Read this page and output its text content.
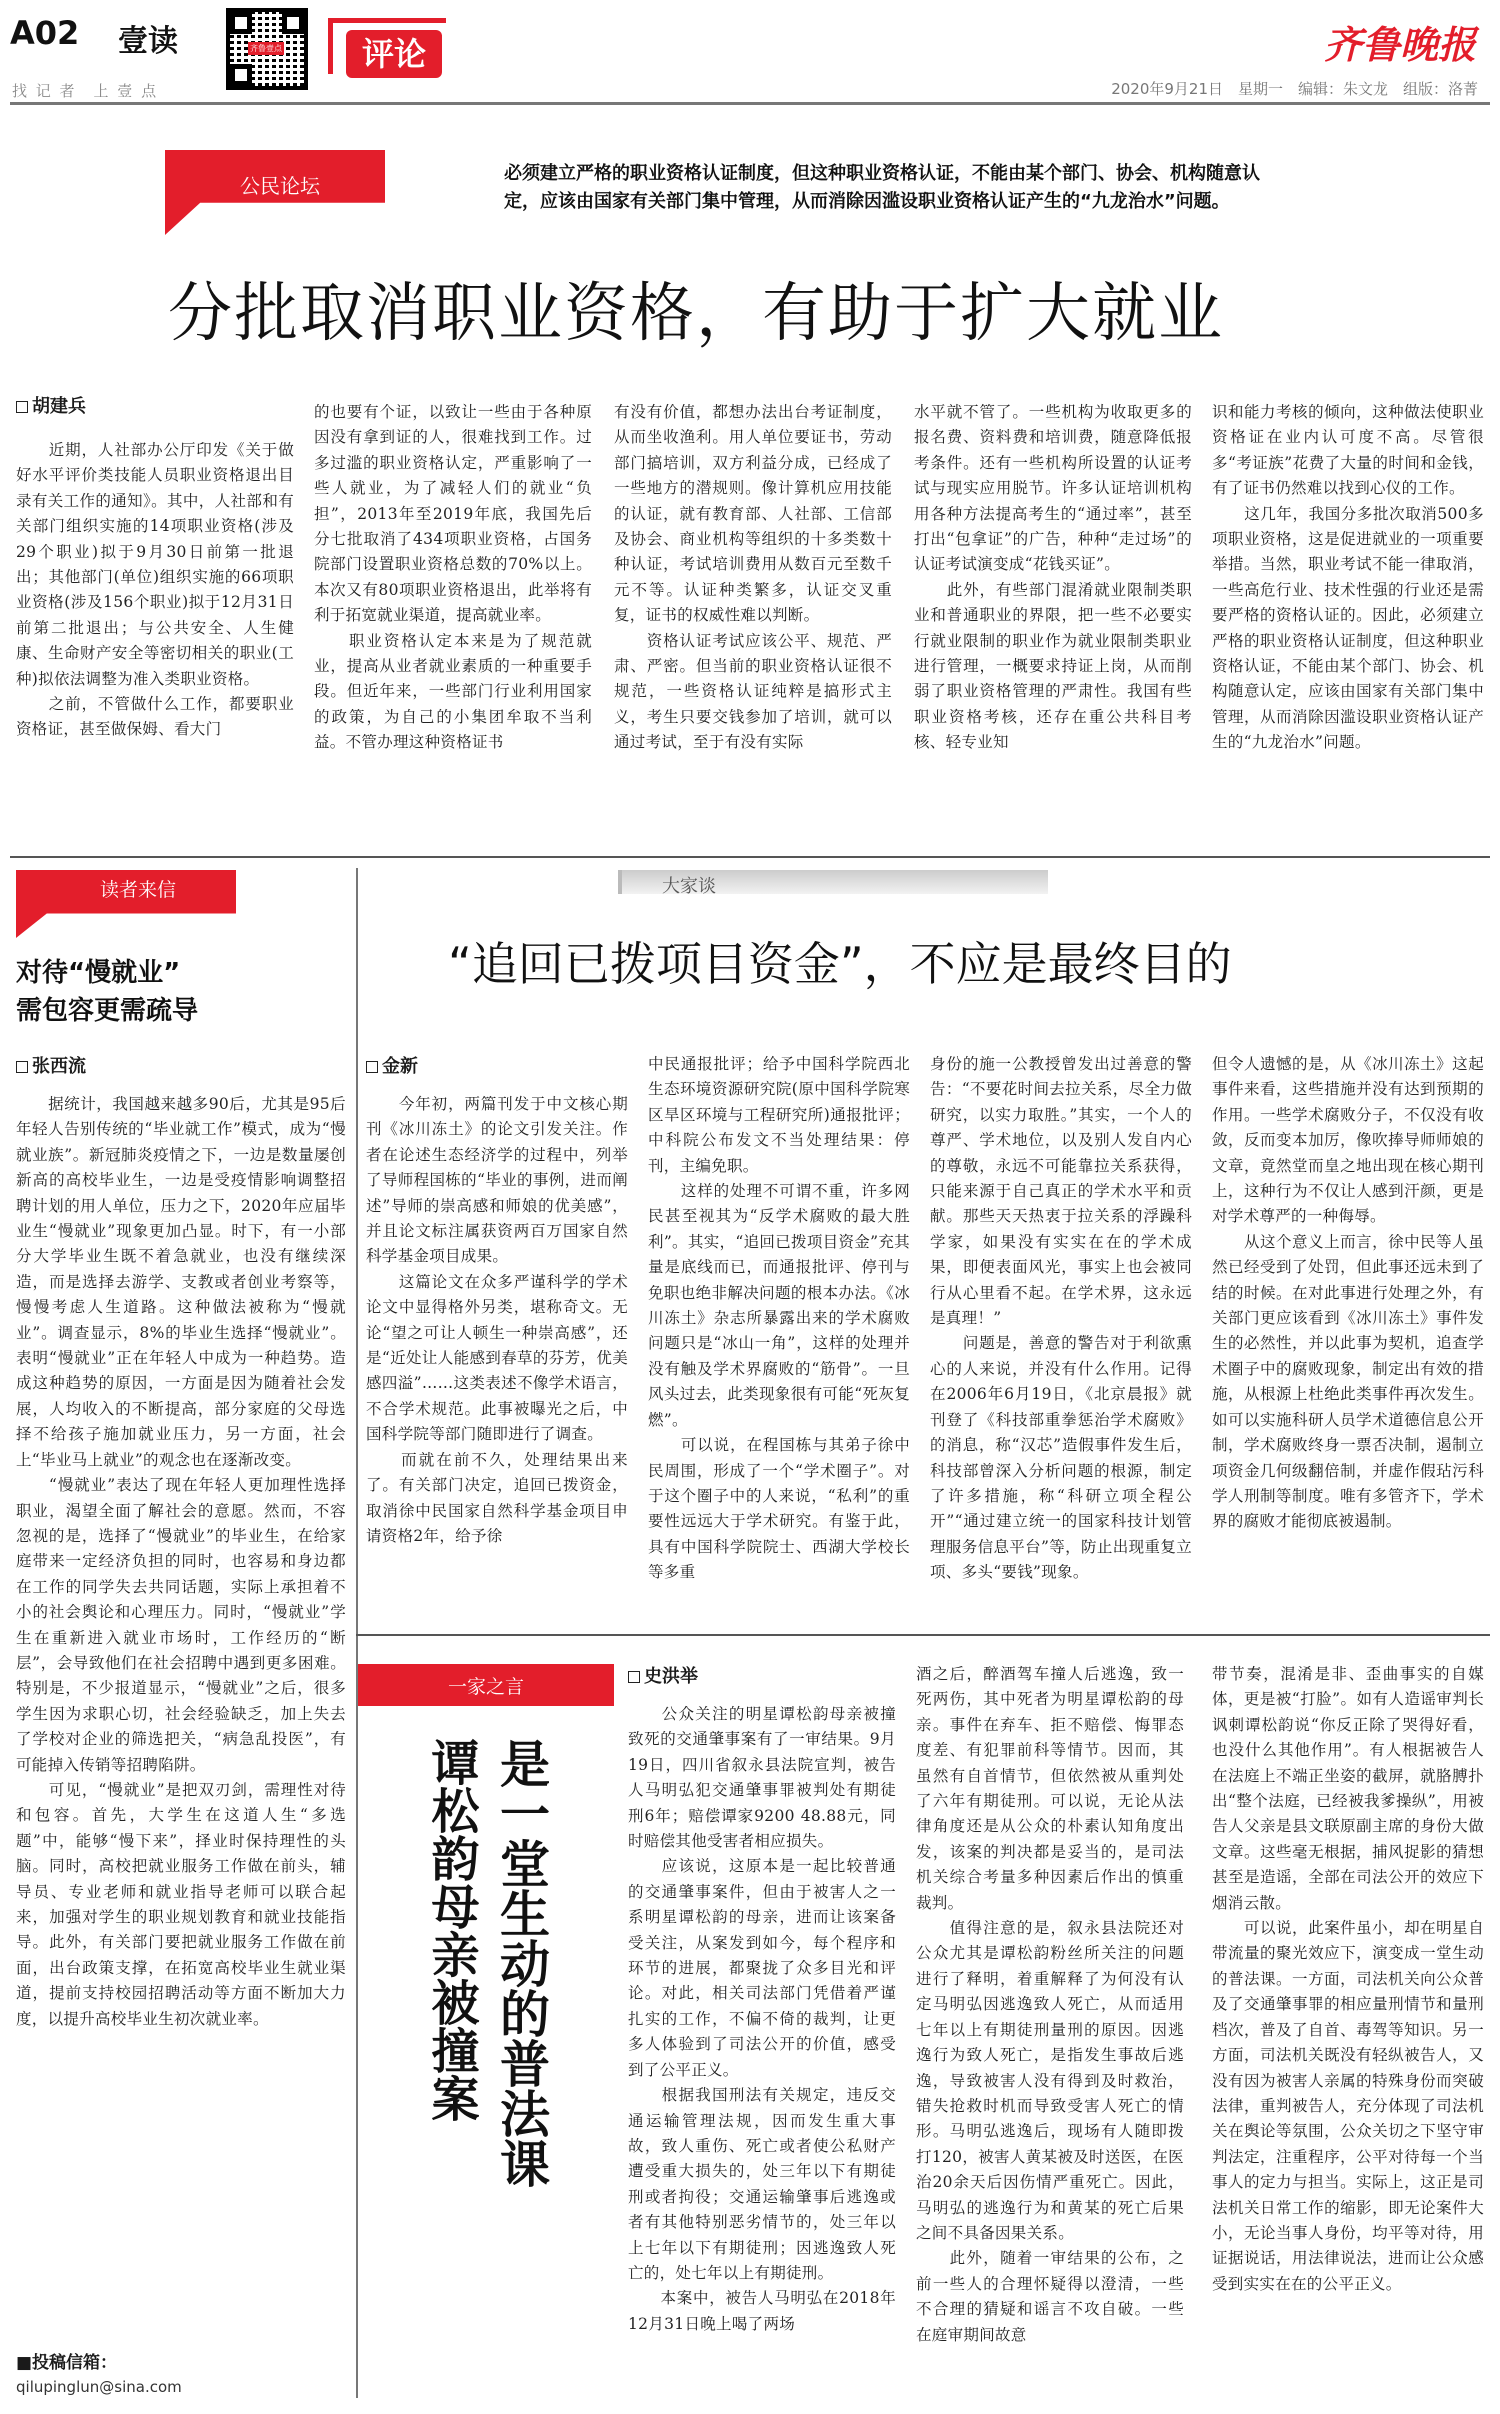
A02 壹读
找 记 者　上 壹 点
齐鲁壹点	评论	齐鲁晚报
2020年9月21日　星期一　编辑：朱文龙　组版：洛菁
公民论坛
必须建立严格的职业资格认证制度，但这种职业资格认证，不能由某个部门、协会、机构随意认定，应该由国家有关部门集中管理，从而消除因滥设职业资格认证产生的“九龙治水”问题。
分批取消职业资格，有助于扩大就业
胡建兵
　　近期，人社部办公厅印发《关于做好水平评价类技能人员职业资格退出目录有关工作的通知》。其中，人社部和有关部门组织实施的14项职业资格(涉及29个职业)拟于9月30日前第一批退出；其他部门(单位)组织实施的66项职业资格(涉及156个职业)拟于12月31日前第二批退出；与公共安全、人生健康、生命财产安全等密切相关的职业(工种)拟依法调整为准入类职业资格。
　　之前，不管做什么工作，都要职业资格证，甚至做保姆、看大门
的也要有个证，以致让一些由于各种原因没有拿到证的人，很难找到工作。过多过滥的职业资格认定，严重影响了一些人就业，为了减轻人们的就业“负担”，2013年至2019年底，我国先后分七批取消了434项职业资格，占国务院部门设置职业资格总数的70%以上。本次又有80项职业资格退出，此举将有利于拓宽就业渠道，提高就业率。
　　职业资格认定本来是为了规范就业，提高从业者就业素质的一种重要手段。但近年来，一些部门行业利用国家的政策，为自己的小集团牟取不当利益。不管办理这种资格证书
有没有价值，都想办法出台考证制度，从而坐收渔利。用人单位要证书，劳动部门搞培训，双方利益分成，已经成了一些地方的潜规则。像计算机应用技能的认证，就有教育部、人社部、工信部及协会、商业机构等组织的十多类数十种认证，考试培训费用从数百元至数千元不等。认证种类繁多，认证交叉重复，证书的权威性难以判断。
　　资格认证考试应该公平、规范、严肃、严密。但当前的职业资格认证很不规范，一些资格认证纯粹是搞形式主义，考生只要交钱参加了培训，就可以通过考试，至于有没有实际
水平就不管了。一些机构为收取更多的报名费、资料费和培训费，随意降低报考条件。还有一些机构所设置的认证考试与现实应用脱节。许多认证培训机构用各种方法提高考生的“通过率”，甚至打出“包拿证”的广告，种种“走过场”的认证考试演变成“花钱买证”。
　　此外，有些部门混淆就业限制类职业和普通职业的界限，把一些不必要实行就业限制的职业作为就业限制类职业进行管理，一概要求持证上岗，从而削弱了职业资格管理的严肃性。我国有些职业资格考核，还存在重公共科目考核、轻专业知
识和能力考核的倾向，这种做法使职业资格证在业内认可度不高。尽管很多“考证族”花费了大量的时间和金钱，有了证书仍然难以找到心仪的工作。
　　这几年，我国分多批次取消500多项职业资格，这是促进就业的一项重要举措。当然，职业考试不能一律取消，一些高危行业、技术性强的行业还是需要严格的资格认证的。因此，必须建立严格的职业资格认证制度，但这种职业资格认证，不能由某个部门、协会、机构随意认定，应该由国家有关部门集中管理，从而消除因滥设职业资格认证产生的“九龙治水”问题。
读者来信
对待“慢就业”
需包容更需疏导
张西流
　　据统计，我国越来越多90后，尤其是95后年轻人告别传统的“毕业就工作”模式，成为“慢就业族”。新冠肺炎疫情之下，一边是数量屡创新高的高校毕业生，一边是受疫情影响调整招聘计划的用人单位，压力之下，2020年应届毕业生“慢就业”现象更加凸显。时下，有一小部分大学毕业生既不着急就业，也没有继续深造，而是选择去游学、支教或者创业考察等，慢慢考虑人生道路。这种做法被称为“慢就业”。调查显示，8%的毕业生选择“慢就业”。表明“慢就业”正在年轻人中成为一种趋势。造成这种趋势的原因，一方面是因为随着社会发展，人均收入的不断提高，部分家庭的父母选择不给孩子施加就业压力，另一方面，社会上“毕业马上就业”的观念也在逐渐改变。
　　“慢就业”表达了现在年轻人更加理性选择职业，渴望全面了解社会的意愿。然而，不容忽视的是，选择了“慢就业”的毕业生，在给家庭带来一定经济负担的同时，也容易和身边都在工作的同学失去共同话题，实际上承担着不小的社会舆论和心理压力。同时，“慢就业”学生在重新进入就业市场时，工作经历的“断层”，会导致他们在社会招聘中遇到更多困难。特别是，不少报道显示，“慢就业”之后，很多学生因为求职心切，社会经验缺乏，加上失去了学校对企业的筛选把关，“病急乱投医”，有可能掉入传销等招聘陷阱。
　　可见，“慢就业”是把双刃剑，需理性对待和包容。首先，大学生在这道人生“多选题”中，能够“慢下来”，择业时保持理性的头脑。同时，高校把就业服务工作做在前头，辅导员、专业老师和就业指导老师可以联合起来，加强对学生的职业规划教育和就业技能指导。此外，有关部门要把就业服务工作做在前面，出台政策支撑，在拓宽高校毕业生就业渠道，提前支持校园招聘活动等方面不断加大力度，以提升高校毕业生初次就业率。
■投稿信箱：
qilupinglun@sina.com
大家谈
“追回已拨项目资金”，不应是最终目的
金新
　　今年初，两篇刊发于中文核心期刊《冰川冻土》的论文引发关注。作者在论述生态经济学的过程中，列举了导师程国栋的“毕业的事例，进而阐述”导师的崇高感和师娘的优美感”，并且论文标注属获资两百万国家自然科学基金项目成果。
　　这篇论文在众多严谨科学的学术论文中显得格外另类，堪称奇文。无论“望之可让人顿生一种崇高感”，还是“近处让人能感到春草的芬芳，优美感四溢”……这类表述不像学术语言，不合学术规范。此事被曝光之后，中国科学院等部门随即进行了调查。
　　而就在前不久，处理结果出来了。有关部门决定，追回已拨资金，取消徐中民国家自然科学基金项目申请资格2年，给予徐
中民通报批评；给予中国科学院西北生态环境资源研究院(原中国科学院寒区旱区环境与工程研究所)通报批评；中科院公布发文不当处理结果：停刊，主编免职。
　　这样的处理不可谓不重，许多网民甚至视其为“反学术腐败的最大胜利”。其实，“追回已拨项目资金”充其量是底线而已，而通报批评、停刊与免职也绝非解决问题的根本办法。《冰川冻土》杂志所暴露出来的学术腐败问题只是“冰山一角”，这样的处理并没有触及学术界腐败的“筋骨”。一旦风头过去，此类现象很有可能“死灰复燃”。
　　可以说，在程国栋与其弟子徐中民周围，形成了一个“学术圈子”。对于这个圈子中的人来说，“私利”的重要性远远大于学术研究。有鉴于此，具有中国科学院院士、西湖大学校长等多重
身份的施一公教授曾发出过善意的警告：“不要花时间去拉关系，尽全力做研究，以实力取胜。”其实，一个人的尊严、学术地位，以及别人发自内心的尊敬，永远不可能靠拉关系获得，只能来源于自己真正的学术水平和贡献。那些天天热衷于拉关系的浮躁科学家，如果没有实实在在的学术成果，即便表面风光，事实上也会被同行从心里看不起。在学术界，这永远是真理！”
　　问题是，善意的警告对于利欲熏心的人来说，并没有什么作用。记得在2006年6月19日，《北京晨报》就刊登了《科技部重拳惩治学术腐败》的消息，称“汉芯”造假事件发生后，科技部曾深入分析问题的根源，制定了许多措施，称“科研立项全程公开”“通过建立统一的国家科技计划管理服务信息平台”等，防止出现重复立项、多头“要钱”现象。
但令人遗憾的是，从《冰川冻土》这起事件来看，这些措施并没有达到预期的作用。一些学术腐败分子，不仅没有收敛，反而变本加厉，像吹捧导师师娘的文章，竟然堂而皇之地出现在核心期刊上，这种行为不仅让人感到汗颜，更是对学术尊严的一种侮辱。
　　从这个意义上而言，徐中民等人虽然已经受到了处罚，但此事还远未到了结的时候。在对此事进行处理之外，有关部门更应该看到《冰川冻土》事件发生的必然性，并以此事为契机，追查学术圈子中的腐败现象，制定出有效的措施，从根源上杜绝此类事件再次发生。如可以实施科研人员学术道德信息公开制，学术腐败终身一票否决制，遏制立项资金几何级翻倍制，并虚作假玷污科学人刑制等制度。唯有多管齐下，学术界的腐败才能彻底被遏制。
一家之言
是一堂生动的普法课
谭松韵母亲被撞案
史洪举
　　公众关注的明星谭松韵母亲被撞致死的交通肇事案有了一审结果。9月19日，四川省叙永县法院宣判，被告人马明弘犯交通肇事罪被判处有期徒刑6年；赔偿谭家9200 48.88元，同时赔偿其他受害者相应损失。
　　应该说，这原本是一起比较普通的交通肇事案件，但由于被害人之一系明星谭松韵的母亲，进而让该案备受关注，从案发到如今，每个程序和环节的进展，都聚拢了众多目光和评论。对此，相关司法部门凭借着严谨扎实的工作，不偏不倚的裁判，让更多人体验到了司法公开的价值，感受到了公平正义。
　　根据我国刑法有关规定，违反交通运输管理法规，因而发生重大事故，致人重伤、死亡或者使公私财产遭受重大损失的，处三年以下有期徒刑或者拘役；交通运输肇事后逃逸或者有其他特别恶劣情节的，处三年以上七年以下有期徒刑；因逃逸致人死亡的，处七年以上有期徒刑。
　　本案中，被告人马明弘在2018年12月31日晚上喝了两场
酒之后，醉酒驾车撞人后逃逸，致一死两伤，其中死者为明星谭松韵的母亲。事件在弃车、拒不赔偿、悔罪态度差、有犯罪前科等情节。因而，其虽然有自首情节，但依然被从重判处了六年有期徒刑。可以说，无论从法律角度还是从公众的朴素认知角度出发，该案的判决都是妥当的，是司法机关综合考量多种因素后作出的慎重裁判。
　　值得注意的是，叙永县法院还对公众尤其是谭松韵粉丝所关注的问题进行了释明，着重解释了为何没有认定马明弘因逃逸致人死亡，从而适用七年以上有期徒刑量刑的原因。因逃逸行为致人死亡，是指发生事故后逃逸，导致被害人没有得到及时救治，错失抢救时机而导致受害人死亡的情形。马明弘逃逸后，现场有人随即拨打120，被害人黄某被及时送医，在医治20余天后因伤情严重死亡。因此，马明弘的逃逸行为和黄某的死亡后果之间不具备因果关系。
　　此外，随着一审结果的公布，之前一些人的合理怀疑得以澄清，一些不合理的猜疑和谣言不攻自破。一些在庭审期间故意
带节奏，混淆是非、歪曲事实的自媒体，更是被“打脸”。如有人造谣审判长讽刺谭松韵说“你反正除了哭得好看，也没什么其他作用”。有人根据被告人在法庭上不端正坐姿的截屏，就胳膊扑出“整个法庭，已经被我爹操纵”，用被告人父亲是县文联原副主席的身份大做文章。这些毫无根据，捕风捉影的猜想甚至是造谣，全部在司法公开的效应下烟消云散。
　　可以说，此案件虽小，却在明星自带流量的聚光效应下，演变成一堂生动的普法课。一方面，司法机关向公众普及了交通肇事罪的相应量刑情节和量刑档次，普及了自首、毒驾等知识。另一方面，司法机关既没有轻纵被告人，又没有因为被害人亲属的特殊身份而突破法律，重判被告人，充分体现了司法机关在舆论等氛围，公众关切之下坚守审判法定，注重程序，公平对待每一个当事人的定力与担当。实际上，这正是司法机关日常工作的缩影，即无论案件大小，无论当事人身份，均平等对待，用证据说话，用法律说法，进而让公众感受到实实在在的公平正义。
